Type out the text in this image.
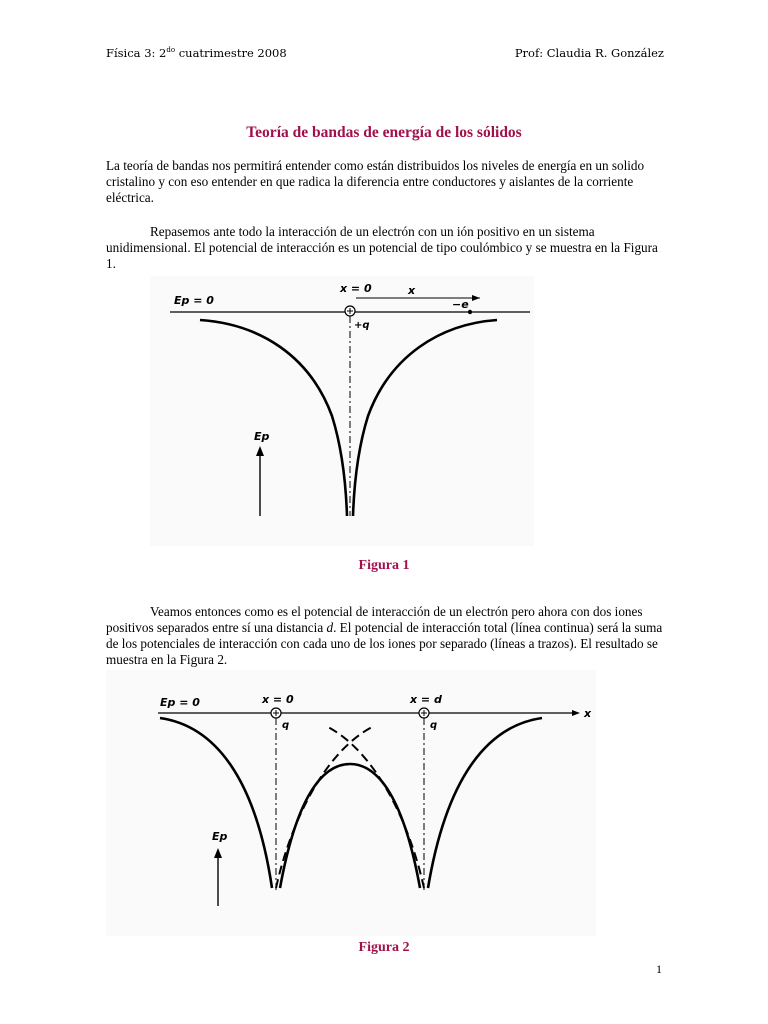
Física 3: $2^{do}$ cuatrimestre 2008	Prof: Claudia R. González
Teoría de bandas de energía de los sólidos

La teoría de bandas nos permitirá entender como están distribuidos los niveles de energía en un solido cristalino y con eso entender en que radica la diferencia entre conductores y aislantes de la corriente eléctrica.

Repasemos ante todo la interacción de un electrón con un ión positivo en un sistema unidimensional. El potencial de interacción es un potencial de tipo coulómbico y se muestra en la Figura 1.

Ep = 0
x = 0	x
−e
+q
Ep
Figura 1

Veamos entonces como es el potencial de interacción de un electrón pero ahora con dos iones positivos separados entre sí una distancia d. El potencial de interacción total (línea continua) será la suma de los potenciales de interacción con cada uno de los iones por separado (líneas a trazos). El resultado se muestra en la Figura 2.

Ep = 0	x = 0	x = d
x
q	q
Ep
Figura 2
1
